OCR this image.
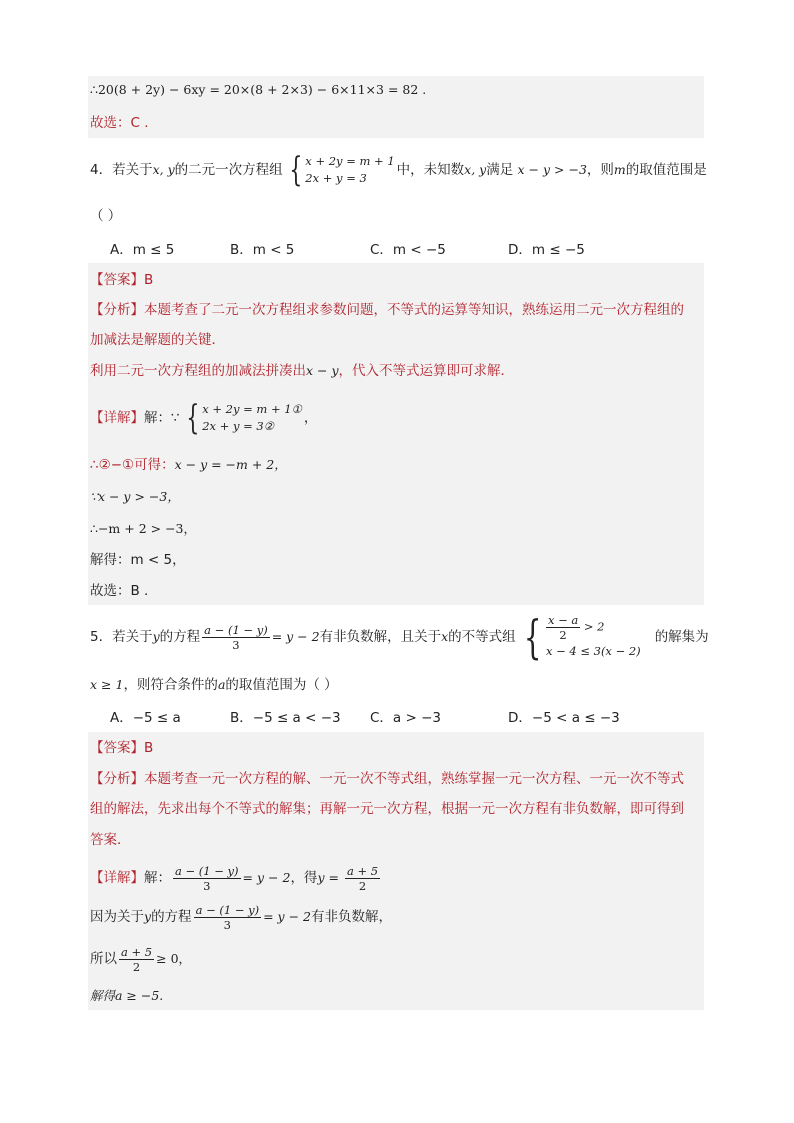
∴20(8 + 2y) − 6xy = 20×(8 + 2×3) − 6×11×3 = 82 .
故选：C .
4．若关于x, y的二元一次方程组 { x + 2y = m + 1
2x + y = 3	中，未知数x, y满足 x − y > −3，则m的取值范围是
（ ）
A．m ≤ 5	B．m < 5	C．m < −5	D．m ≤ −5
【答案】B
【分析】本题考查了二元一次方程组求参数问题，不等式的运算等知识，熟练运用二元一次方程组的
加减法是解题的关键．
利用二元一次方程组的加减法拼凑出x − y，代入不等式运算即可求解．
【详解】解：∵ { x + 2y = m + 1①
2x + y = 3②	，
∴②−①可得：x − y = −m + 2，
∵x − y > −3，
∴−m + 2 > −3，
解得：m < 5，
故选：B .
5．若关于y的方程 $\frac{a - (1 - y)}{3} = y - 2$有非负数解，且关于x的不等式组 { $\frac{x - a}{2} > 2$
x − 4 ≤ 3(x − 2)
的解集为
x ≥ 1，则符合条件的a的取值范围为（ ）
A．−5 ≤ a	B．−5 ≤ a < −3 C．a > −3	D．−5 < a ≤ −3
【答案】B
【分析】本题考查一元一次方程的解、一元一次不等式组，熟练掌握一元一次方程、一元一次不等式
组的解法，先求出每个不等式的解集；再解一元一次方程，根据一元一次方程有非负数解，即可得到
答案．
【详解】解： $\frac{a - (1 - y)}{3} = y - 2$，得$y = \frac{a + 5}{2}$
因为关于y的方程 $\frac{a - (1 - y)}{3} = y - 2$有非负数解，
所以 $\frac{a + 5}{2} \ge 0$，
解得a ≥ −5.
